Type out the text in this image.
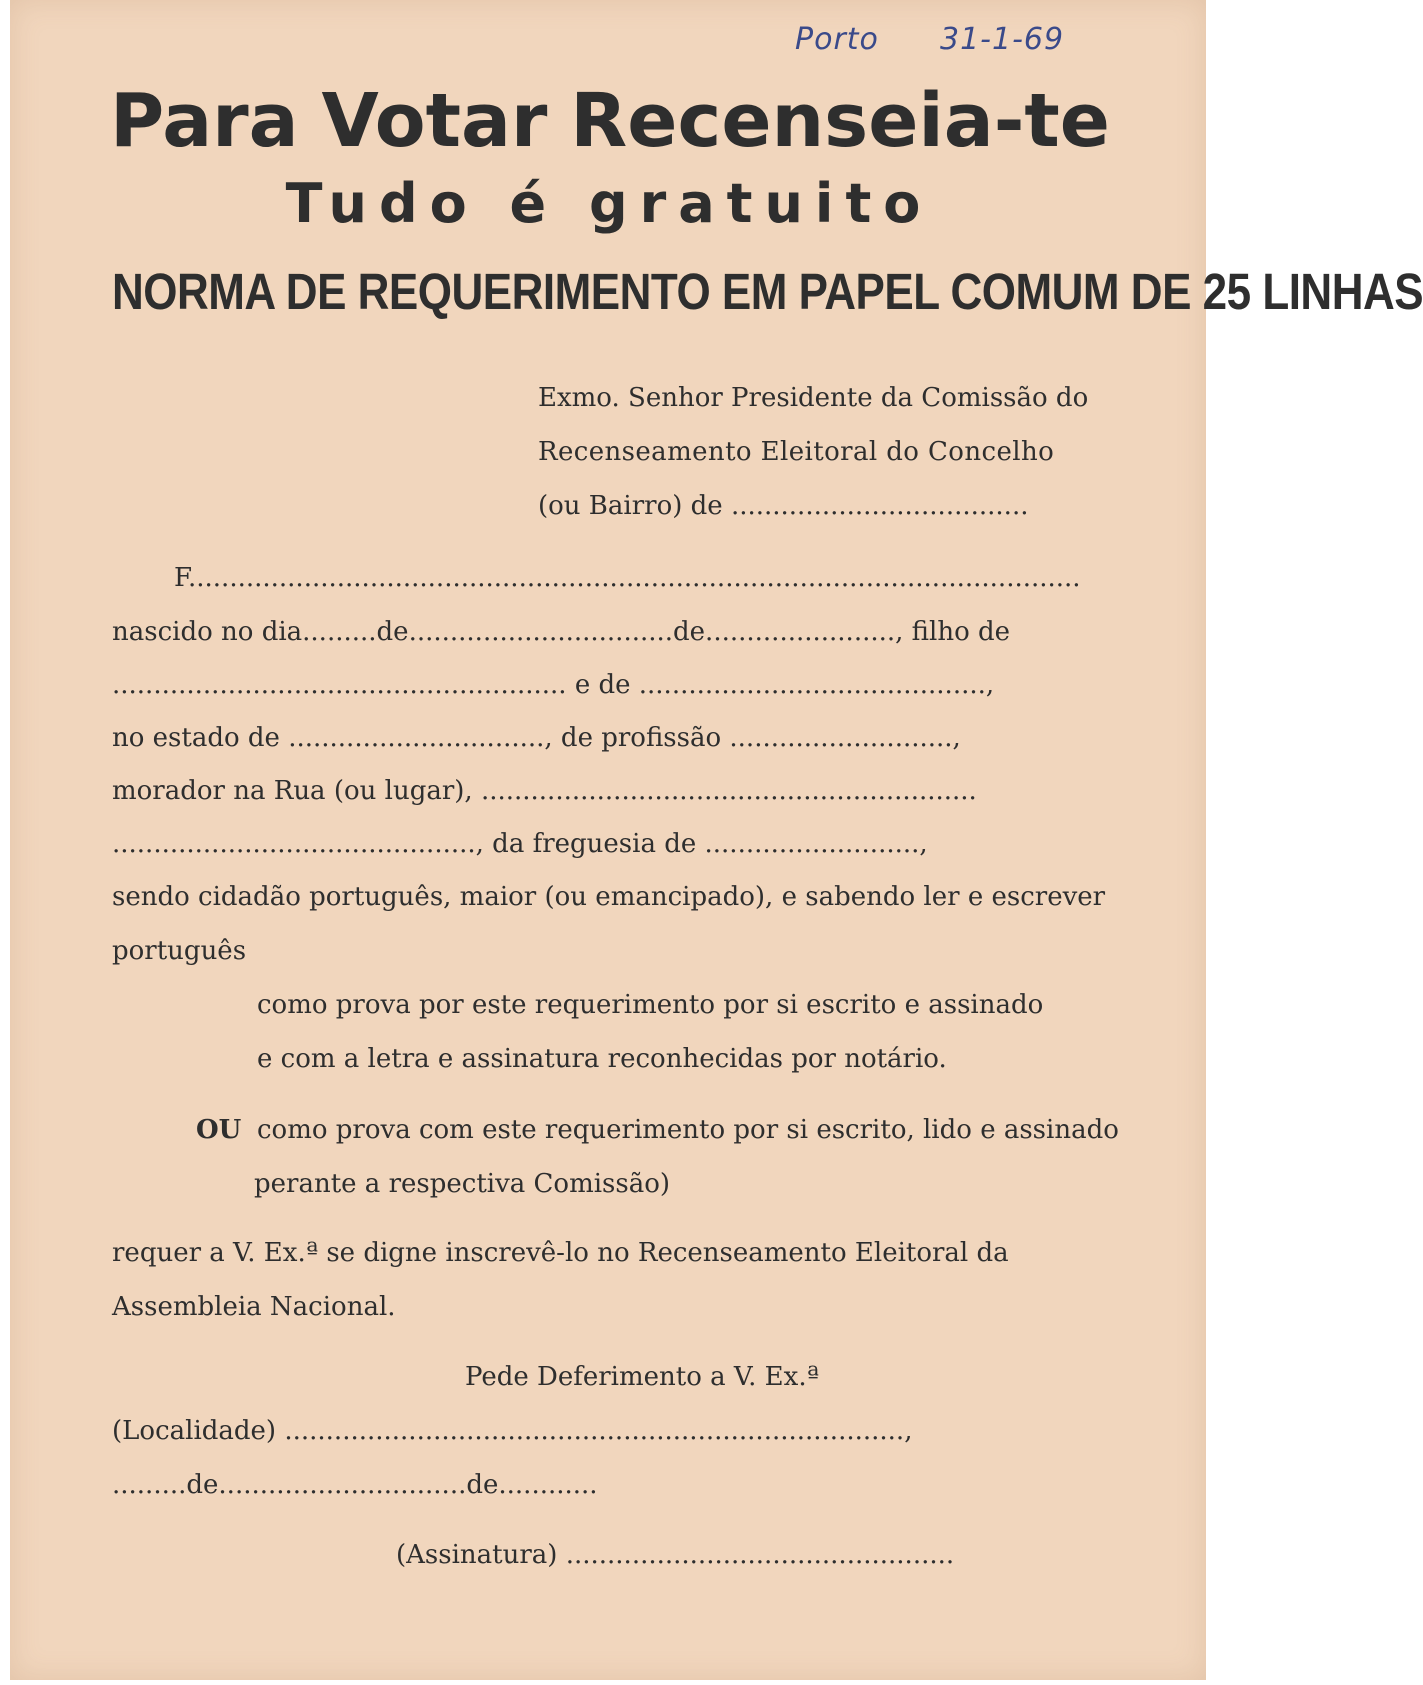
Porto 31-1-69
Para Votar Recenseia-te
Tudo é gratuito
NORMA DE REQUERIMENTO EM PAPEL COMUM DE 25 LINHAS
Exmo. Senhor Presidente da Comissão do
Recenseamento Eleitoral do Concelho
(ou Bairro) de ....................................
F............................................................................................................
nascido no dia.........de................................de......................., filho de
....................................................... e de ..........................................,
no estado de ..............................., de profissão ...........................,
morador na Rua (ou lugar), ............................................................
............................................, da freguesia de ..........................,
sendo cidadão português, maior (ou emancipado), e sabendo ler e escrever
português
como prova por este requerimento por si escrito e assinado
e com a letra e assinatura reconhecidas por notário.
OU como prova com este requerimento por si escrito, lido e assinado
perante a respectiva Comissão)
requer a V. Ex.ª se digne inscrevê-lo no Recenseamento Eleitoral da
Assembleia Nacional.
Pede Deferimento a V. Ex.ª
(Localidade) ...........................................................................,
.........de..............................de............
(Assinatura) ...............................................
